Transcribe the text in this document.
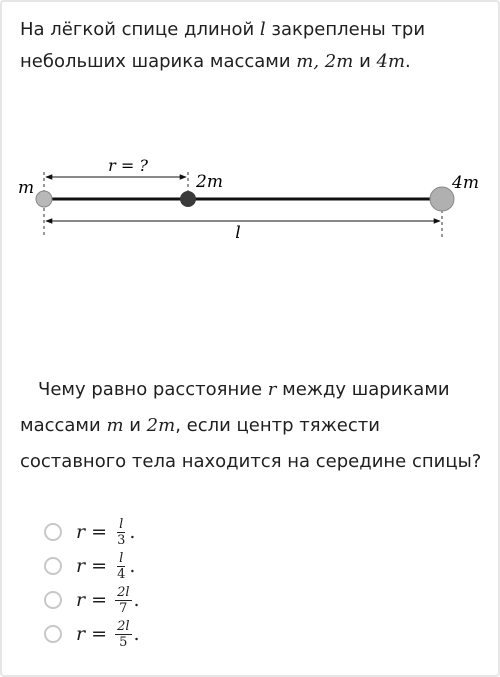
На лёгкой спице длиной l закреплены три небольших шарика массами m, 2m и 4m.
r = ?
m	2m	4m
l
Чему равно расстояние r между шариками массами m и 2m, если центр тяжести составного тела находится на середине спицы?
r =
$\frac{l}{3}$ .
r =
$\frac{l}{4}$ .
r =
$\frac{2l}{7}$ .
r =
$\frac{2l}{5}$ .
